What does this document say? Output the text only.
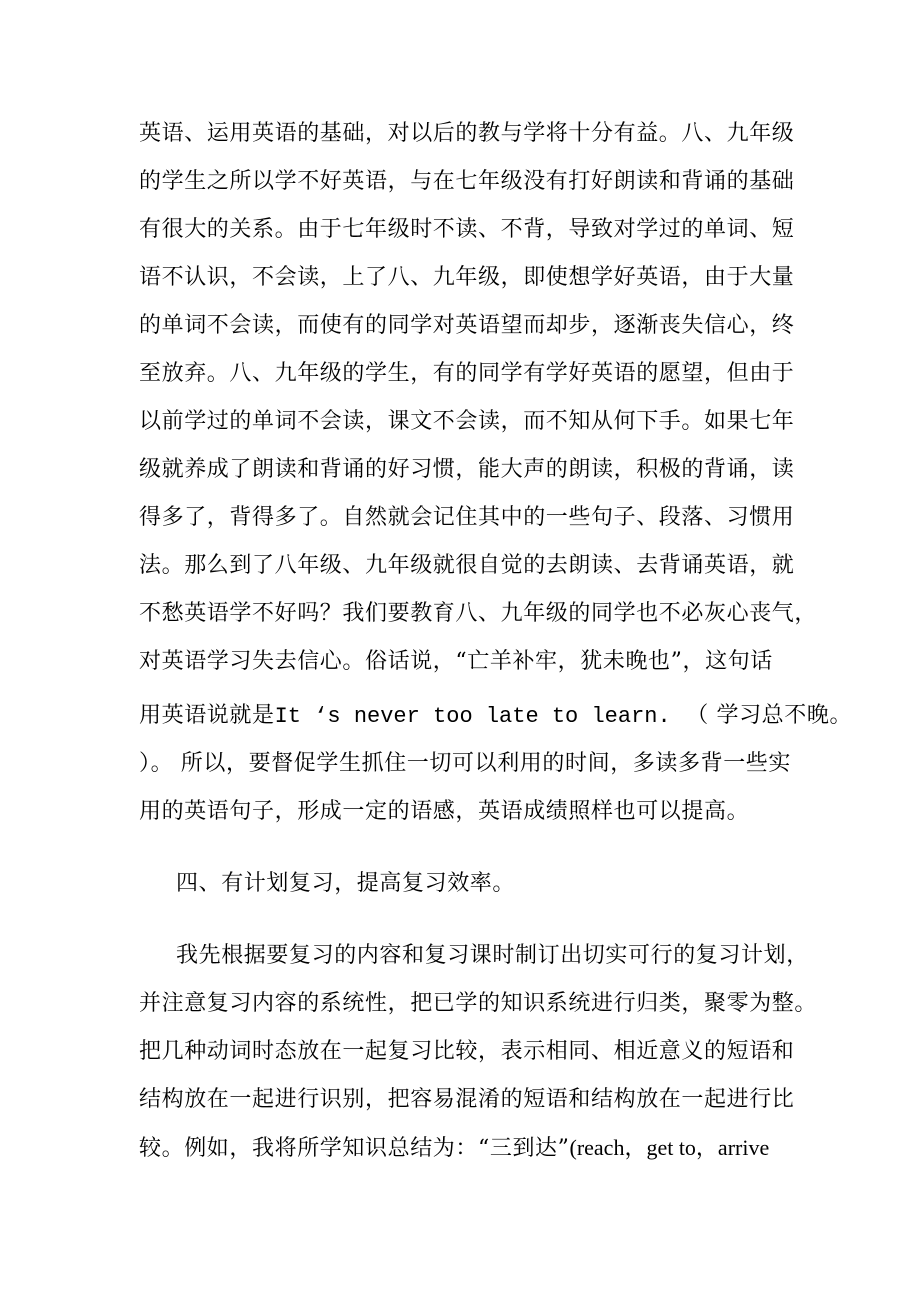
英语、运用英语的基础，对以后的教与学将十分有益。八、九年级
的学生之所以学不好英语，与在七年级没有打好朗读和背诵的基础
有很大的关系。由于七年级时不读、不背，导致对学过的单词、短
语不认识，不会读，上了八、九年级，即使想学好英语，由于大量
的单词不会读，而使有的同学对英语望而却步，逐渐丧失信心，终
至放弃。八、九年级的学生，有的同学有学好英语的愿望，但由于
以前学过的单词不会读，课文不会读，而不知从何下手。如果七年
级就养成了朗读和背诵的好习惯，能大声的朗读，积极的背诵，读
得多了，背得多了。自然就会记住其中的一些句子、段落、习惯用
法。那么到了八年级、九年级就很自觉的去朗读、去背诵英语，就
不愁英语学不好吗？我们要教育八、九年级的同学也不必灰心丧气，
对英语学习失去信心。俗话说，“亡羊补牢，犹未晚也”，这句话
用英语说就是It ‘s never too late to learn. （ 学习总不晚。
）。 所以，要督促学生抓住一切可以利用的时间，多读多背一些实
用的英语句子，形成一定的语感，英语成绩照样也可以提高。
四、有计划复习，提高复习效率。
我先根据要复习的内容和复习课时制订出切实可行的复习计划，
并注意复习内容的系统性，把已学的知识系统进行归类，聚零为整。
把几种动词时态放在一起复习比较，表示相同、相近意义的短语和
结构放在一起进行识别，把容易混淆的短语和结构放在一起进行比
较。例如，我将所学知识总结为：“三到达”(reach，get to，arrive
